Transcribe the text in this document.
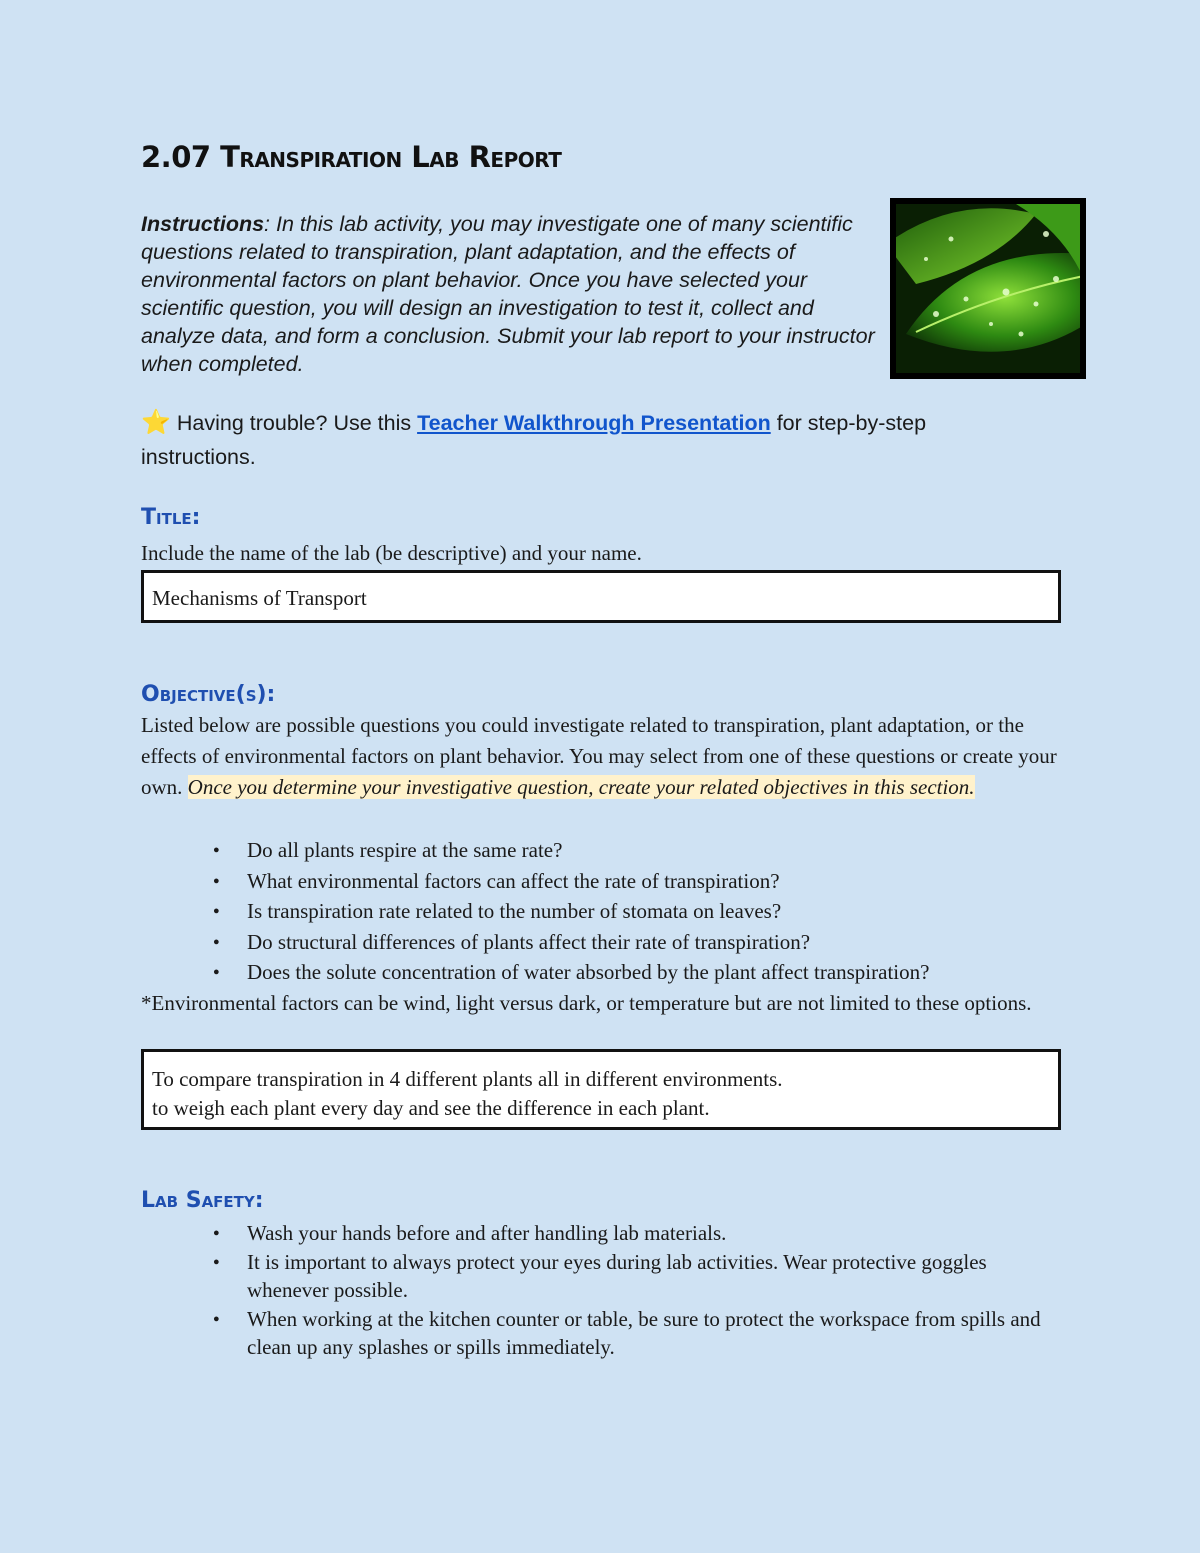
2.07 Transpiration Lab Report
Instructions: In this lab activity, you may investigate one of many scientific questions related to transpiration, plant adaptation, and the effects of environmental factors on plant behavior. Once you have selected your scientific question, you will design an investigation to test it, collect and analyze data, and form a conclusion. Submit your lab report to your instructor when completed.
⭐ Having trouble? Use this Teacher Walkthrough Presentation for step-by-step instructions.
Title:
Include the name of the lab (be descriptive) and your name.
Mechanisms of Transport
Objective(s):
Listed below are possible questions you could investigate related to transpiration, plant adaptation, or the effects of environmental factors on plant behavior. You may select from one of these questions or create your own. Once you determine your investigative question, create your related objectives in this section.
● Do all plants respire at the same rate?
● What environmental factors can affect the rate of transpiration?
● Is transpiration rate related to the number of stomata on leaves?
● Do structural differences of plants affect their rate of transpiration?
● Does the solute concentration of water absorbed by the plant affect transpiration?
*Environmental factors can be wind, light versus dark, or temperature but are not limited to these options.
To compare transpiration in 4 different plants all in different environments.
to weigh each plant every day and see the difference in each plant.
Lab Safety:
● Wash your hands before and after handling lab materials.
● It is important to always protect your eyes during lab activities. Wear protective goggles whenever possible.
● When working at the kitchen counter or table, be sure to protect the workspace from spills and clean up any splashes or spills immediately.
